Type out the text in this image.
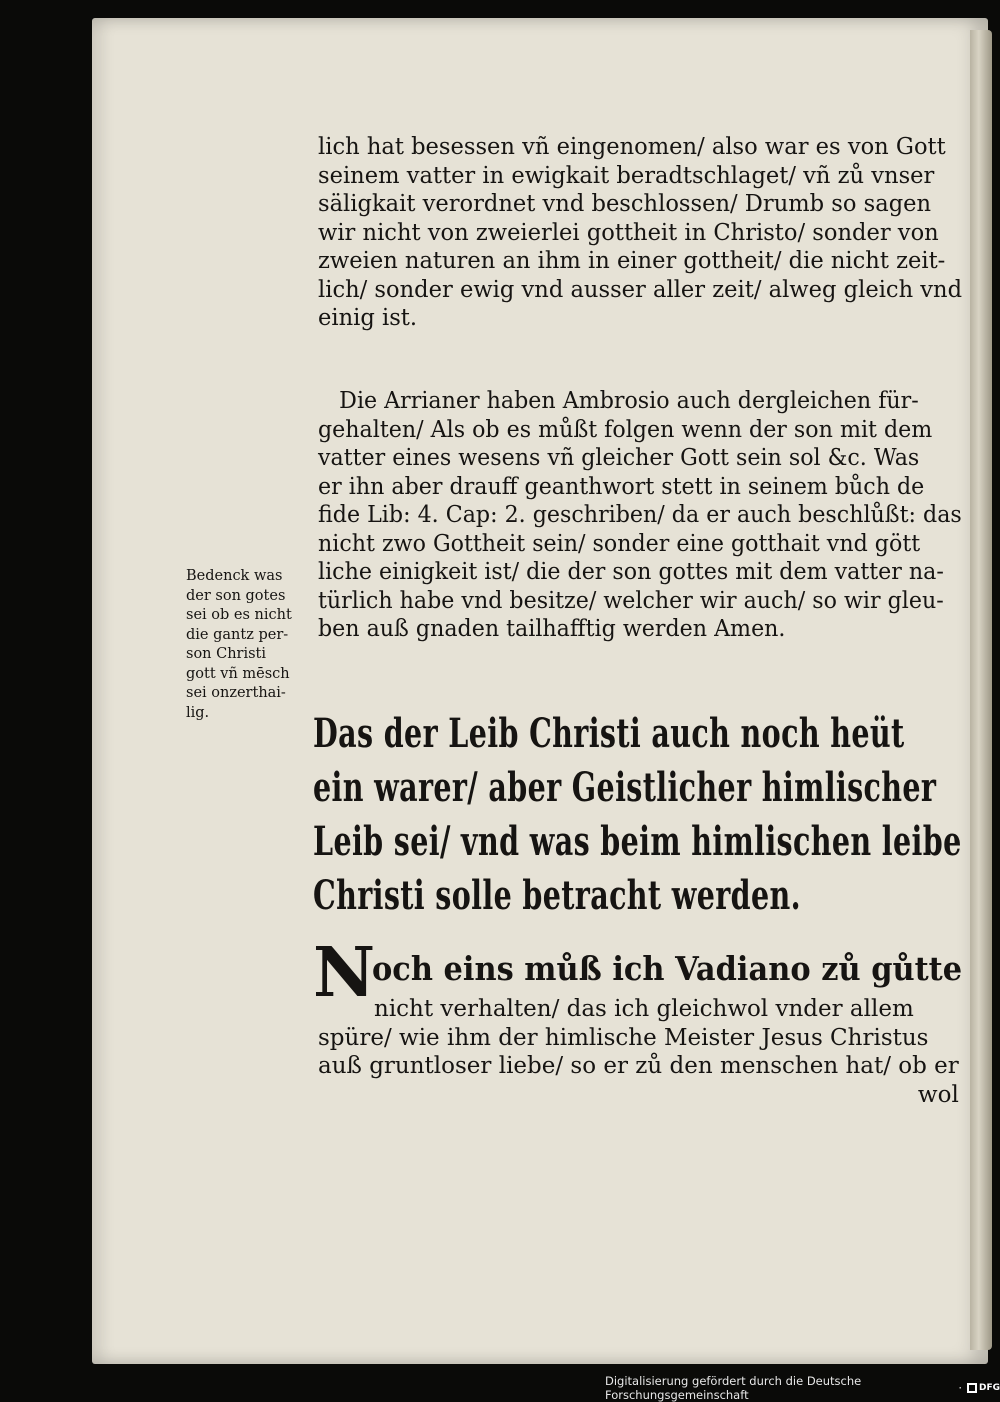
lich hat besessen vñ eingenomen/ also war es von Gott
seinem vatter in ewigkait beradtschlaget/ vñ zů vnser
säligkait verordnet vnd beschlossen/ Drumb so sagen
wir nicht von zweierlei gottheit in Christo/ sonder von
zweien naturen an ihm in einer gottheit/ die nicht zeit-
lich/ sonder ewig vnd ausser aller zeit/ alweg gleich vnd
einig ist.
Die Arrianer haben Ambrosio auch dergleichen für-
gehalten/ Als ob es můßt folgen wenn der son mit dem
vatter eines wesens vñ gleicher Gott sein sol &c. Was
er ihn aber drauff geanthwort stett in seinem bůch de
fide Lib: 4. Cap: 2. geschriben/ da er auch beschlůßt: das
nicht zwo Gottheit sein/ sonder eine gotthait vnd gött
liche einigkeit ist/ die der son gottes mit dem vatter na-
türlich habe vnd besitze/ welcher wir auch/ so wir gleu-
ben auß gnaden tailhafftig werden Amen.
Bedenck was
der son gotes
sei ob es nicht
die gantz per-
son Christi
gott vñ mēsch
sei onzerthai-
lig.	Das der Leib Christi auch noch heüt
ein warer/ aber Geistlicher himlischer
Leib sei/ vnd was beim himlischen leibe
Christi solle betracht werden.
N
och eins můß ich Vadiano zů gůtte
nicht verhalten/ das ich gleichwol vnder allem
spüre/ wie ihm der himlische Meister Jesus Christus
auß gruntloser liebe/ so er zů den menschen hat/ ob er
wol
Digitalisierung gefördert durch die Deutsche Forschungsgemeinschaft	· DFG
